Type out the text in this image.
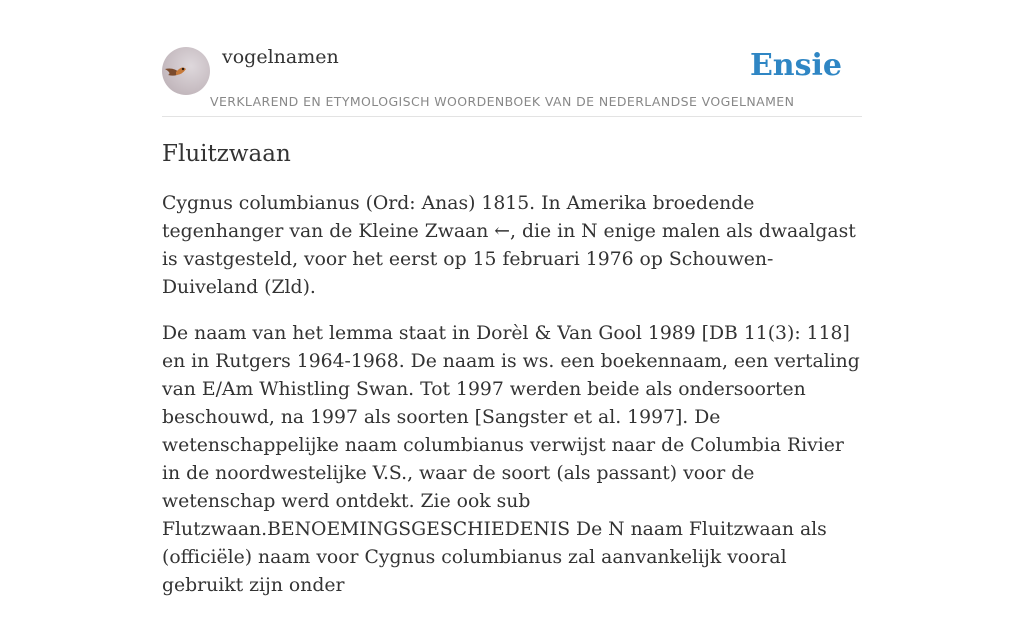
vogelnamen
VERKLAREND EN ETYMOLOGISCH WOORDENBOEK VAN DE NEDERLANDSE VOGELNAMEN
Ensie
Fluitzwaan

Cygnus columbianus (Ord: Anas) 1815. In Amerika broedende tegenhanger van de Kleine Zwaan ←, die in N enige malen als dwaalgast is vastgesteld, voor het eerst op 15 februari 1976 op Schouwen-Duiveland (Zld).

De naam van het lemma staat in Dorèl & Van Gool 1989 [DB 11(3): 118] en in Rutgers 1964-1968. De naam is ws. een boekennaam, een vertaling van E/Am Whistling Swan. Tot 1997 werden beide als ondersoorten beschouwd, na 1997 als soorten [Sangster et al. 1997]. De wetenschappelijke naam columbianus verwijst naar de Columbia Rivier in de noordwestelijke V.S., waar de soort (als passant) voor de wetenschap werd ontdekt. Zie ook sub Flutzwaan.BENOEMINGSGESCHIEDENIS De N naam Fluitzwaan als (officiële) naam voor Cygnus columbianus zal aanvankelijk vooral gebruikt zijn onder
